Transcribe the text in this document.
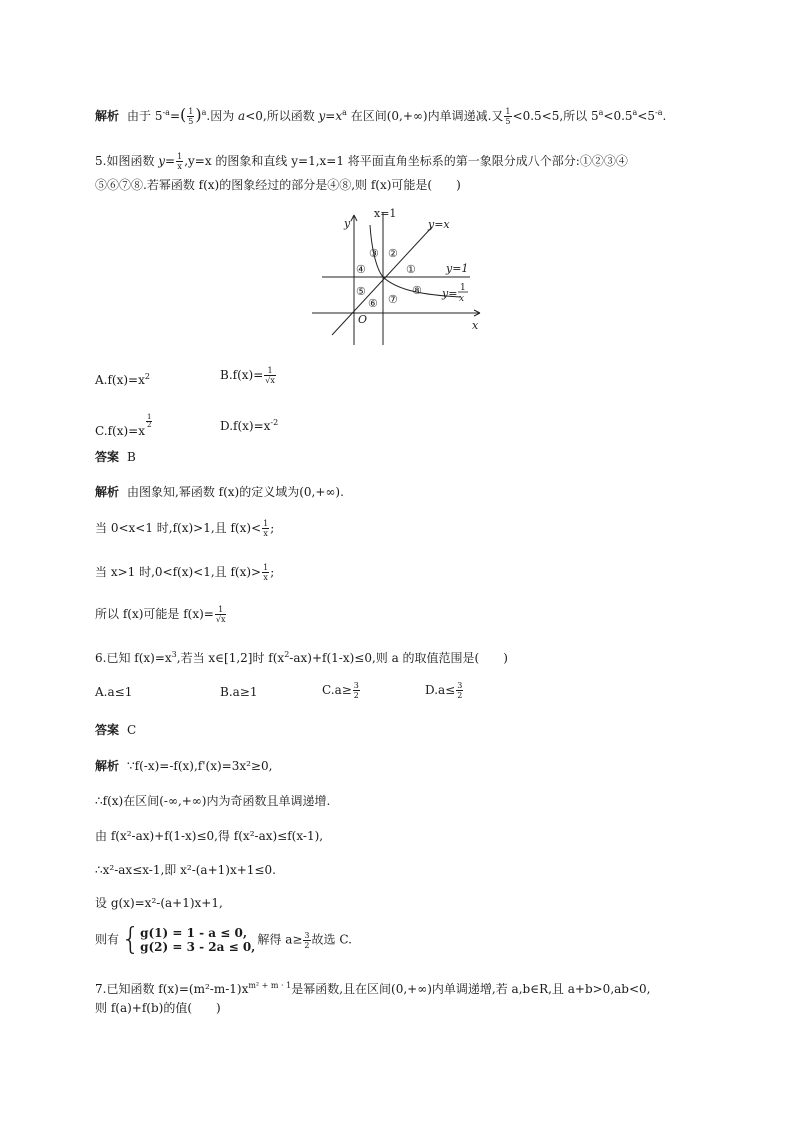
解析 由于 $5^{-a}=( \frac{1}{5} )^a$.因为 a<0,所以函数 $y=x^a$ 在区间(0,+∞)内单调递减.又 $\frac{1}{5} <0.5<5$,所以 $5^a<0.5^a<5^{-a}$.
5.如图函数 $y= \frac{1}{x} ,y=x$ 的图象和直线 y=1,x=1 将平面直角坐标系的第一象限分成八个部分:①②③④
⑤⑥⑦⑧.若幂函数 f(x)的图象经过的部分是④⑧,则 f(x)可能是(　　)
x=1
y=x
y=1
y= 1
x
y
x
O
①
②
③
④
⑤
⑥ ⑦
⑧
$A.f(x)=x^2$	$B.f(x)= \frac{1}{√x}$
C.f(x)=x
$\frac{1}{2}$	$D.f(x)=x^{-2}$
答案 B
解析 由图象知,幂函数 f(x)的定义域为(0,+∞).
当 0<x<1 时,f(x)>1,且 $f(x)< \frac{1}{x}$ ;
当 x>1 时,0<f(x)<1,且 $f(x)> \frac{1}{x}$ ;
所以 f(x)可能是 $f(x)= \frac{1}{√x}$
6.已知 $f(x)=x^3$,若当 x∈[1,2]时 $f(x^2-ax)+f(1-x)\le 0$,则 a 的取值范围是(　　)
A.a≤1	B.a≥1	$C.a\ge \frac{3}{2}$	$D.a\le \frac{3}{2}$
答案 C
解析 ∵f(-x)=-f(x),f'(x)=3x²≥0,
∴f(x)在区间(-∞,+∞)内为奇函数且单调递增.
由 f(x²-ax)+f(1-x)≤0,得 f(x²-ax)≤f(x-1),
∴x²-ax≤x-1,即 x²-(a+1)x+1≤0.
设 g(x)=x²-(a+1)x+1,
则有 { g(1) = 1 - a ≤ 0,
g(2) = 3 - 2a ≤ 0,
解得 $a\ge \frac{3}{2}$ 故选 C.
7.已知函数 $f(x)=(m^2-m-1)x^{m^2 + m \cdot 1}$是幂函数,且在区间(0,+∞)内单调递增,若 a,b∈R,且 a+b>0,ab<0,
则 f(a)+f(b)的值(　　)
